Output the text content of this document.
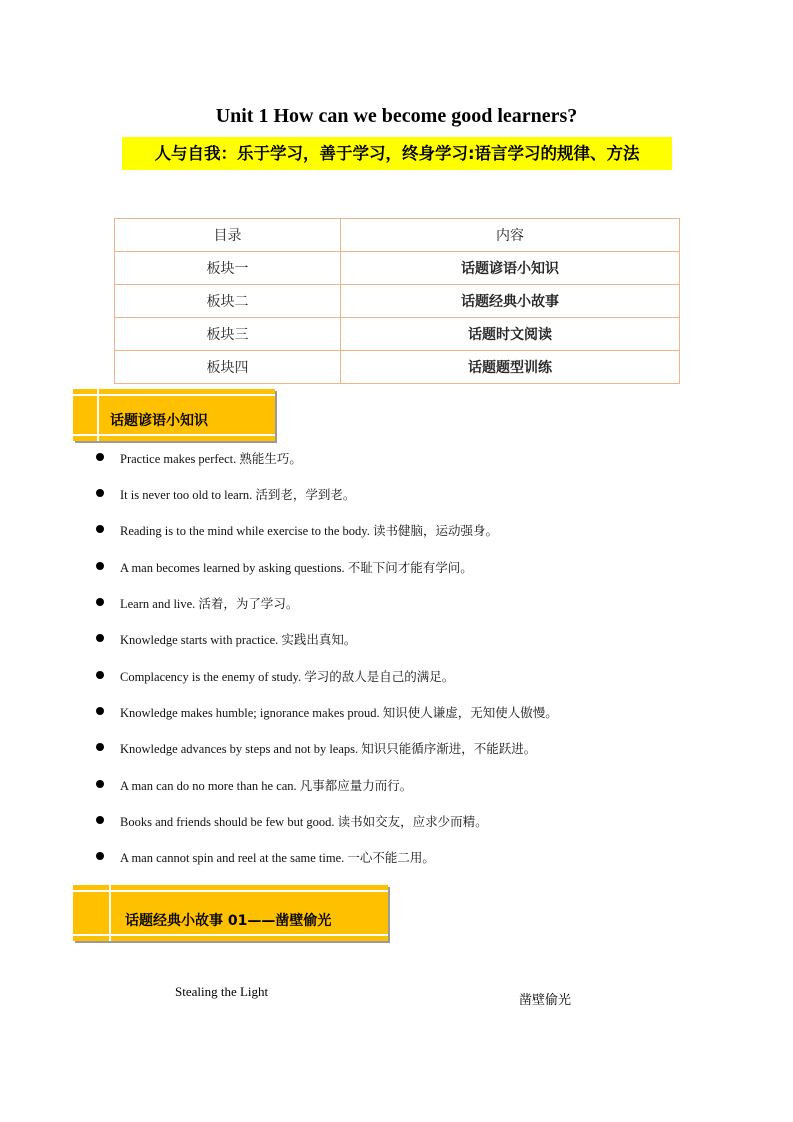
Unit 1 How can we become good learners?
人与自我：乐于学习，善于学习，终身学习:语言学习的规律、方法
目录	内容
板块一	话题谚语小知识
板块二	话题经典小故事
板块三	话题时文阅读
板块四	话题题型训练
话题谚语小知识
Practice makes perfect. 熟能生巧。
It is never too old to learn. 活到老，学到老。
Reading is to the mind while exercise to the body. 读书健脑，运动强身。
A man becomes learned by asking questions. 不耻下问才能有学问。
Learn and live. 活着，为了学习。
Knowledge starts with practice. 实践出真知。
Complacency is the enemy of study. 学习的敌人是自己的满足。
Knowledge makes humble; ignorance makes proud. 知识使人谦虚，无知使人傲慢。
Knowledge advances by steps and not by leaps. 知识只能循序渐进，不能跃进。
A man can do no more than he can. 凡事都应量力而行。
Books and friends should be few but good. 读书如交友，应求少而精。
A man cannot spin and reel at the same time. 一心不能二用。
话题经典小故事 01——凿壁偷光
Stealing the Light
凿壁偷光
